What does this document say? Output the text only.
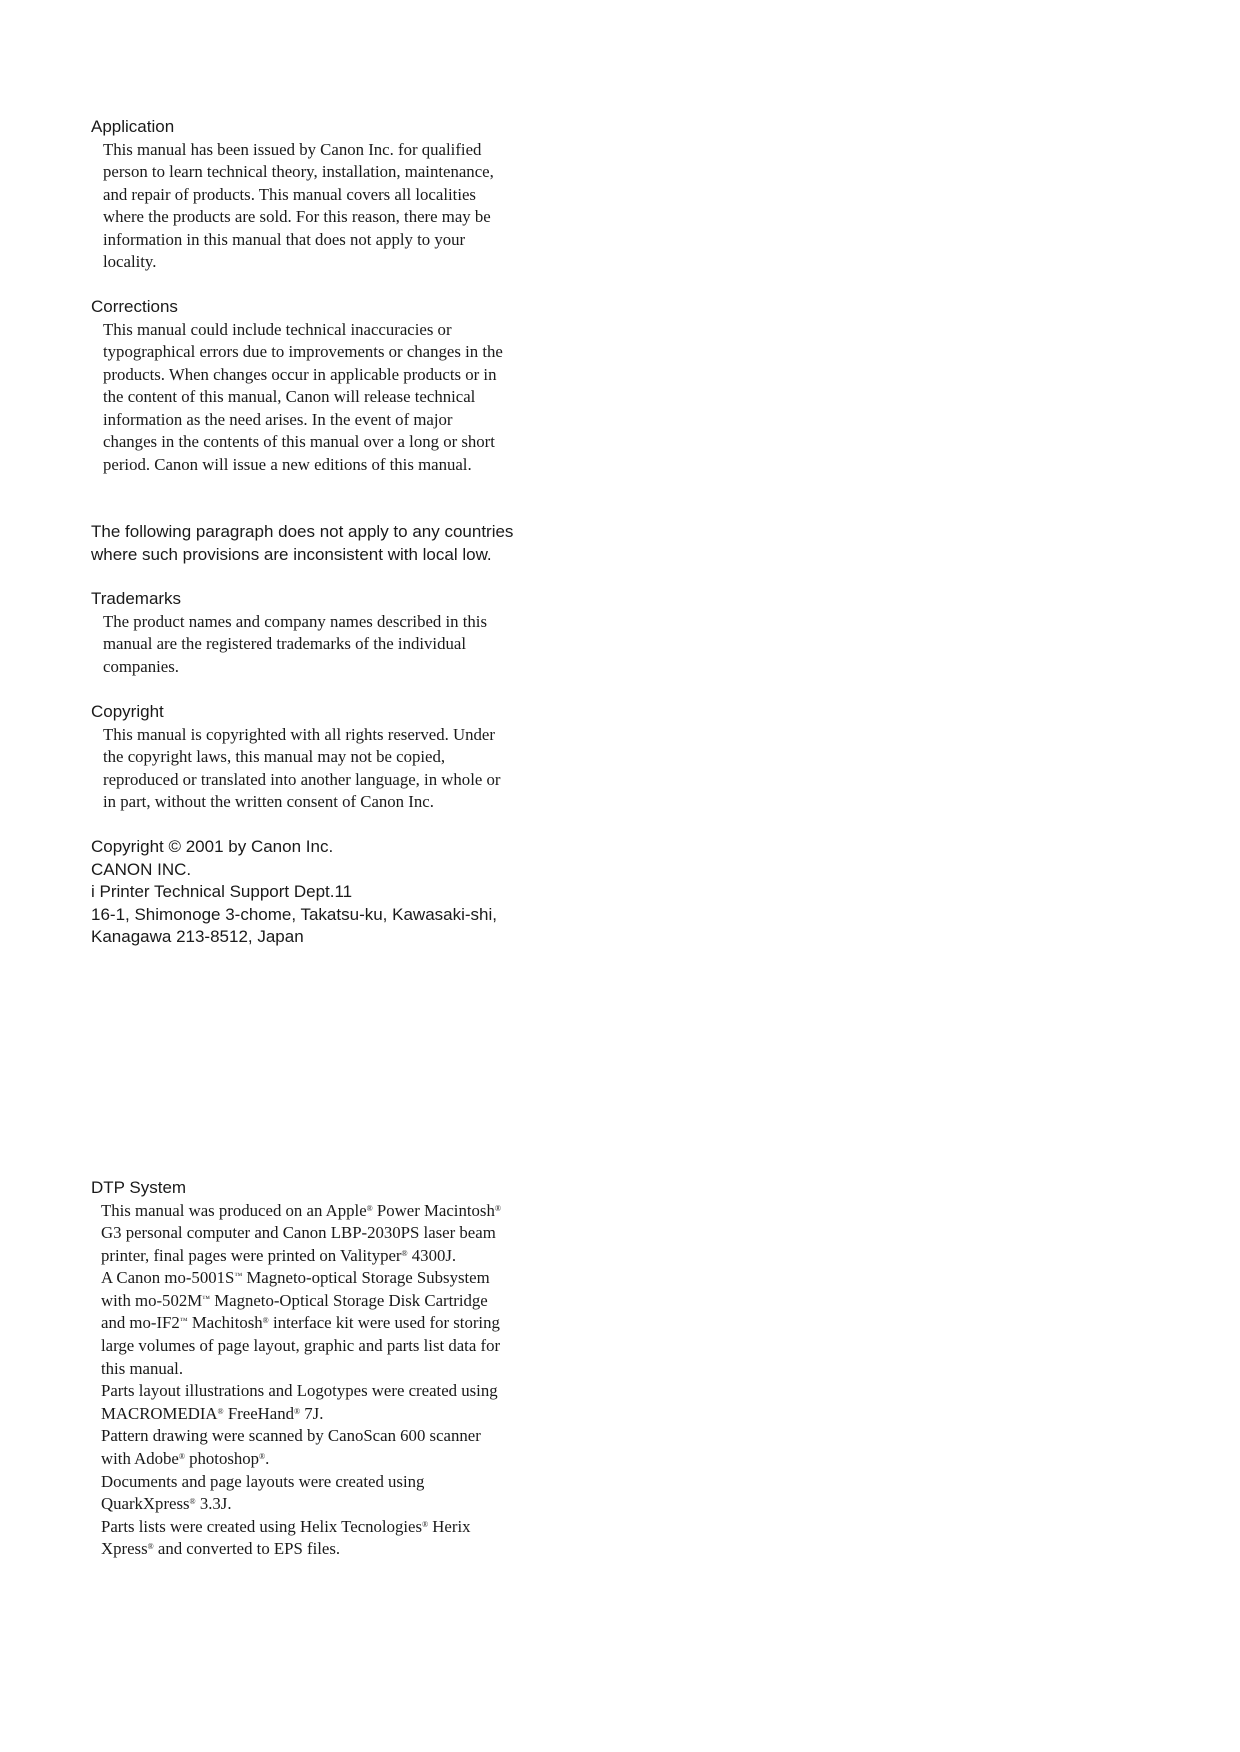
Application
This manual has been issued by Canon Inc. for qualified
person to learn technical theory, installation, maintenance,
and repair of products. This manual covers all localities
where the products are sold. For this reason, there may be
information in this manual that does not apply to your
locality.
Corrections
This manual could include technical inaccuracies or
typographical errors due to improvements or changes in the
products. When changes occur in applicable products or in
the content of this manual, Canon will release technical
information as the need arises. In the event of major
changes in the contents of this manual over a long or short
period. Canon will issue a new editions of this manual.
The following paragraph does not apply to any countries
where such provisions are inconsistent with local low.
Trademarks
The product names and company names described in this
manual are the registered trademarks of the individual
companies.
Copyright
This manual is copyrighted with all rights reserved. Under
the copyright laws, this manual may not be copied,
reproduced or translated into another language, in whole or
in part, without the written consent of Canon Inc.
Copyright © 2001 by Canon Inc.
CANON INC.
i Printer Technical Support Dept.11
16-1, Shimonoge 3-chome, Takatsu-ku, Kawasaki-shi,
Kanagawa 213-8512, Japan
DTP System
This manual was produced on an Apple® Power Macintosh®
G3 personal computer and Canon LBP-2030PS laser beam
printer, final pages were printed on Valityper® 4300J.
A Canon mo-5001S™ Magneto-optical Storage Subsystem
with mo-502M™ Magneto-Optical Storage Disk Cartridge
and mo-IF2™ Machitosh® interface kit were used for storing
large volumes of page layout, graphic and parts list data for
this manual.
Parts layout illustrations and Logotypes were created using
MACROMEDIA® FreeHand® 7J.
Pattern drawing were scanned by CanoScan 600 scanner
with Adobe® photoshop®.
Documents and page layouts were created using
QuarkXpress® 3.3J.
Parts lists were created using Helix Tecnologies® Herix
Xpress® and converted to EPS files.
